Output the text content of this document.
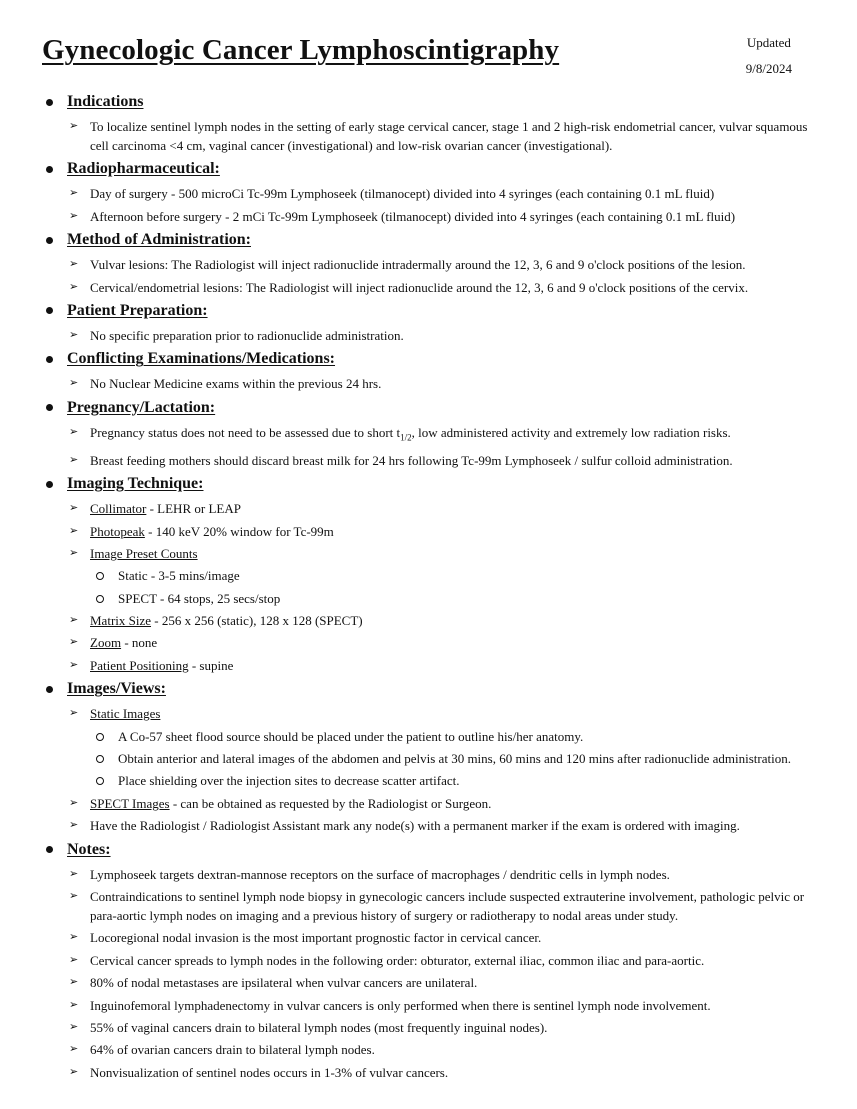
Gynecologic Cancer Lymphoscintigraphy	Updated
9/8/2024
Indications
➢ To localize sentinel lymph nodes in the setting of early stage cervical cancer, stage 1 and 2 high-risk endometrial cancer, vulvar squamous cell carcinoma <4 cm, vaginal cancer (investigational) and low-risk ovarian cancer (investigational).
Radiopharmaceutical:
➢ Day of surgery - 500 microCi Tc-99m Lymphoseek (tilmanocept) divided into 4 syringes (each containing 0.1 mL fluid)
➢ Afternoon before surgery - 2 mCi Tc-99m Lymphoseek (tilmanocept) divided into 4 syringes (each containing 0.1 mL fluid)
Method of Administration:
➢ Vulvar lesions: The Radiologist will inject radionuclide intradermally around the 12, 3, 6 and 9 o'clock positions of the lesion.
➢ Cervical/endometrial lesions: The Radiologist will inject radionuclide around the 12, 3, 6 and 9 o'clock positions of the cervix.
Patient Preparation:
➢ No specific preparation prior to radionuclide administration.
Conflicting Examinations/Medications:
➢ No Nuclear Medicine exams within the previous 24 hrs.
Pregnancy/Lactation:
➢ Pregnancy status does not need to be assessed due to short $t_{1/2}$, low administered activity and extremely low radiation risks.
➢ Breast feeding mothers should discard breast milk for 24 hrs following Tc-99m Lymphoseek / sulfur colloid administration.
Imaging Technique:
➢ Collimator - LEHR or LEAP
➢ Photopeak - 140 keV 20% window for Tc-99m
➢ Image Preset Counts
Static - 3-5 mins/image
SPECT - 64 stops, 25 secs/stop
➢ Matrix Size - 256 x 256 (static), 128 x 128 (SPECT)
➢ Zoom - none
➢ Patient Positioning - supine
Images/Views:
➢ Static Images
A Co-57 sheet flood source should be placed under the patient to outline his/her anatomy.
Obtain anterior and lateral images of the abdomen and pelvis at 30 mins, 60 mins and 120 mins after radionuclide administration.
Place shielding over the injection sites to decrease scatter artifact.
➢ SPECT Images - can be obtained as requested by the Radiologist or Surgeon.
➢ Have the Radiologist / Radiologist Assistant mark any node(s) with a permanent marker if the exam is ordered with imaging.
Notes:
➢ Lymphoseek targets dextran-mannose receptors on the surface of macrophages / dendritic cells in lymph nodes.
➢ Contraindications to sentinel lymph node biopsy in gynecologic cancers include suspected extrauterine involvement, pathologic pelvic or para-aortic lymph nodes on imaging and a previous history of surgery or radiotherapy to nodal areas under study.
➢ Locoregional nodal invasion is the most important prognostic factor in cervical cancer.
➢ Cervical cancer spreads to lymph nodes in the following order: obturator, external iliac, common iliac and para-aortic.
➢ 80% of nodal metastases are ipsilateral when vulvar cancers are unilateral.
➢ Inguinofemoral lymphadenectomy in vulvar cancers is only performed when there is sentinel lymph node involvement.
➢ 55% of vaginal cancers drain to bilateral lymph nodes (most frequently inguinal nodes).
➢ 64% of ovarian cancers drain to bilateral lymph nodes.
➢ Nonvisualization of sentinel nodes occurs in 1-3% of vulvar cancers.
